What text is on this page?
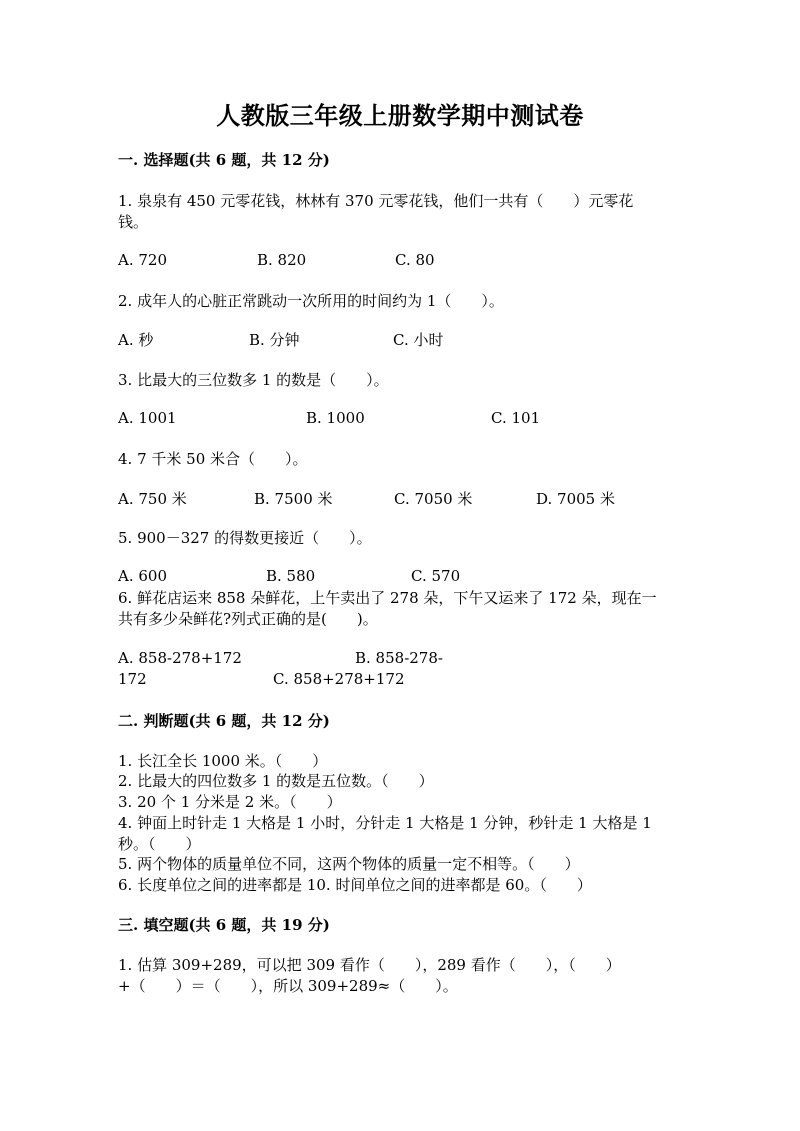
人教版三年级上册数学期中测试卷
一. 选择题(共 6 题，共 12 分)
1. 泉泉有 450 元零花钱，林林有 370 元零花钱，他们一共有（　　）元零花
钱。
A. 720	B. 820	C. 80
2. 成年人的心脏正常跳动一次所用的时间约为 1（　　）。
A. 秒	B. 分钟	C. 小时
3. 比最大的三位数多 1 的数是（　　）。
A. 1001	B. 1000	C. 101
4. 7 千米 50 米合（　　）。
A. 750 米	B. 7500 米	C. 7050 米	D. 7005 米
5. 900－327 的得数更接近（　　）。
A. 600	B. 580	C. 570
6. 鲜花店运来 858 朵鲜花，上午卖出了 278 朵，下午又运来了 172 朵，现在一
共有多少朵鲜花?列式正确的是(　　)。
A. 858-278+172	B. 858-278-
172	C. 858+278+172
二. 判断题(共 6 题，共 12 分)
1. 长江全长 1000 米。（　　）
2. 比最大的四位数多 1 的数是五位数。（　　）
3. 20 个 1 分米是 2 米。（　　）
4. 钟面上时针走 1 大格是 1 小时，分针走 1 大格是 1 分钟，秒针走 1 大格是 1
秒。（　　）
5. 两个物体的质量单位不同，这两个物体的质量一定不相等。（　　）
6. 长度单位之间的进率都是 10. 时间单位之间的进率都是 60。（　　）
三. 填空题(共 6 题，共 19 分)
1. 估算 309+289，可以把 309 看作（　　），289 看作（　　），（　　）
+（　　）＝（　　），所以 309+289≈（　　）。
